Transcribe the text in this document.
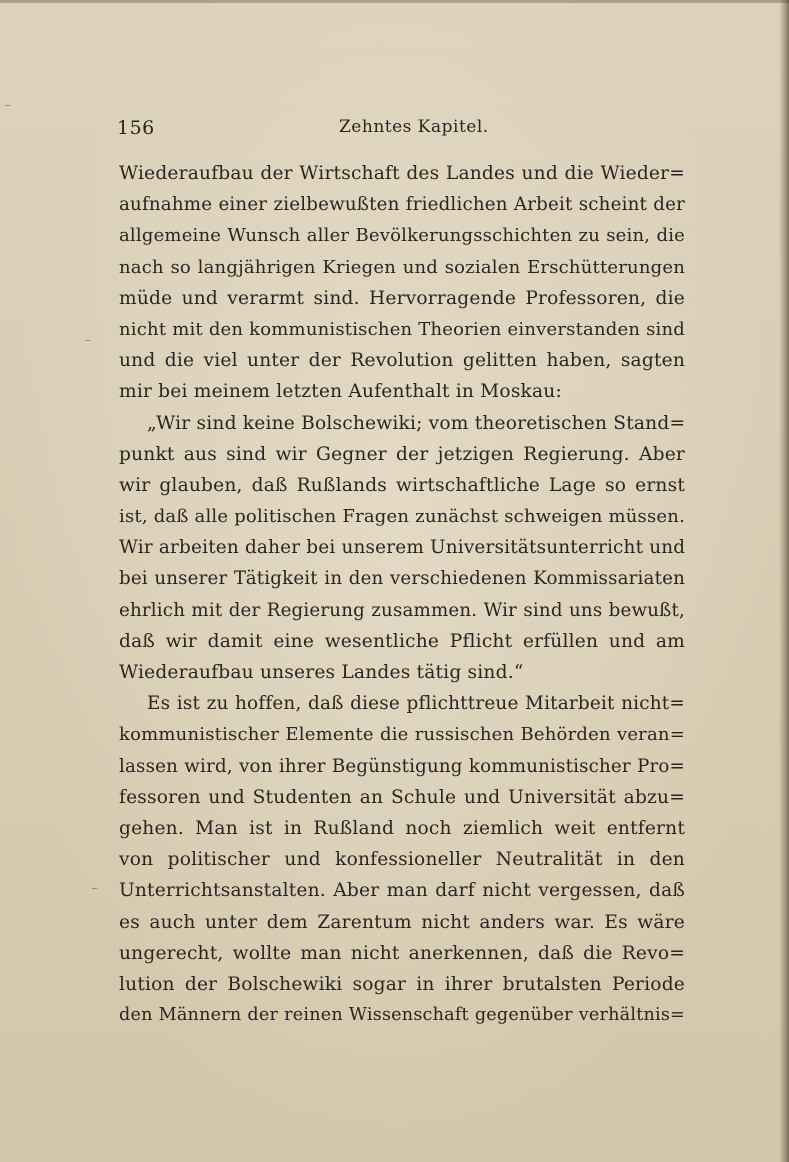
156	Zehntes Kapitel.
Wiederaufbau der Wirtschaft des Landes und die Wieder=
aufnahme einer zielbewußten friedlichen Arbeit scheint der
allgemeine Wunsch aller Bevölkerungsschichten zu sein, die
nach so langjährigen Kriegen und sozialen Erschütterungen
müde und verarmt sind. Hervorragende Professoren, die
nicht mit den kommunistischen Theorien einverstanden sind
und die viel unter der Revolution gelitten haben, sagten
mir bei meinem letzten Aufenthalt in Moskau:
„Wir sind keine Bolschewiki; vom theoretischen Stand=
punkt aus sind wir Gegner der jetzigen Regierung. Aber
wir glauben, daß Rußlands wirtschaftliche Lage so ernst
ist, daß alle politischen Fragen zunächst schweigen müssen.
Wir arbeiten daher bei unserem Universitätsunterricht und
bei unserer Tätigkeit in den verschiedenen Kommissariaten
ehrlich mit der Regierung zusammen. Wir sind uns bewußt,
daß wir damit eine wesentliche Pflicht erfüllen und am
Wiederaufbau unseres Landes tätig sind.“
Es ist zu hoffen, daß diese pflichttreue Mitarbeit nicht=
kommunistischer Elemente die russischen Behörden veran=
lassen wird, von ihrer Begünstigung kommunistischer Pro=
fessoren und Studenten an Schule und Universität abzu=
gehen. Man ist in Rußland noch ziemlich weit entfernt
von politischer und konfessioneller Neutralität in den
Unterrichtsanstalten. Aber man darf nicht vergessen, daß
es auch unter dem Zarentum nicht anders war. Es wäre
ungerecht, wollte man nicht anerkennen, daß die Revo=
lution der Bolschewiki sogar in ihrer brutalsten Periode
den Männern der reinen Wissenschaft gegenüber verhältnis=
